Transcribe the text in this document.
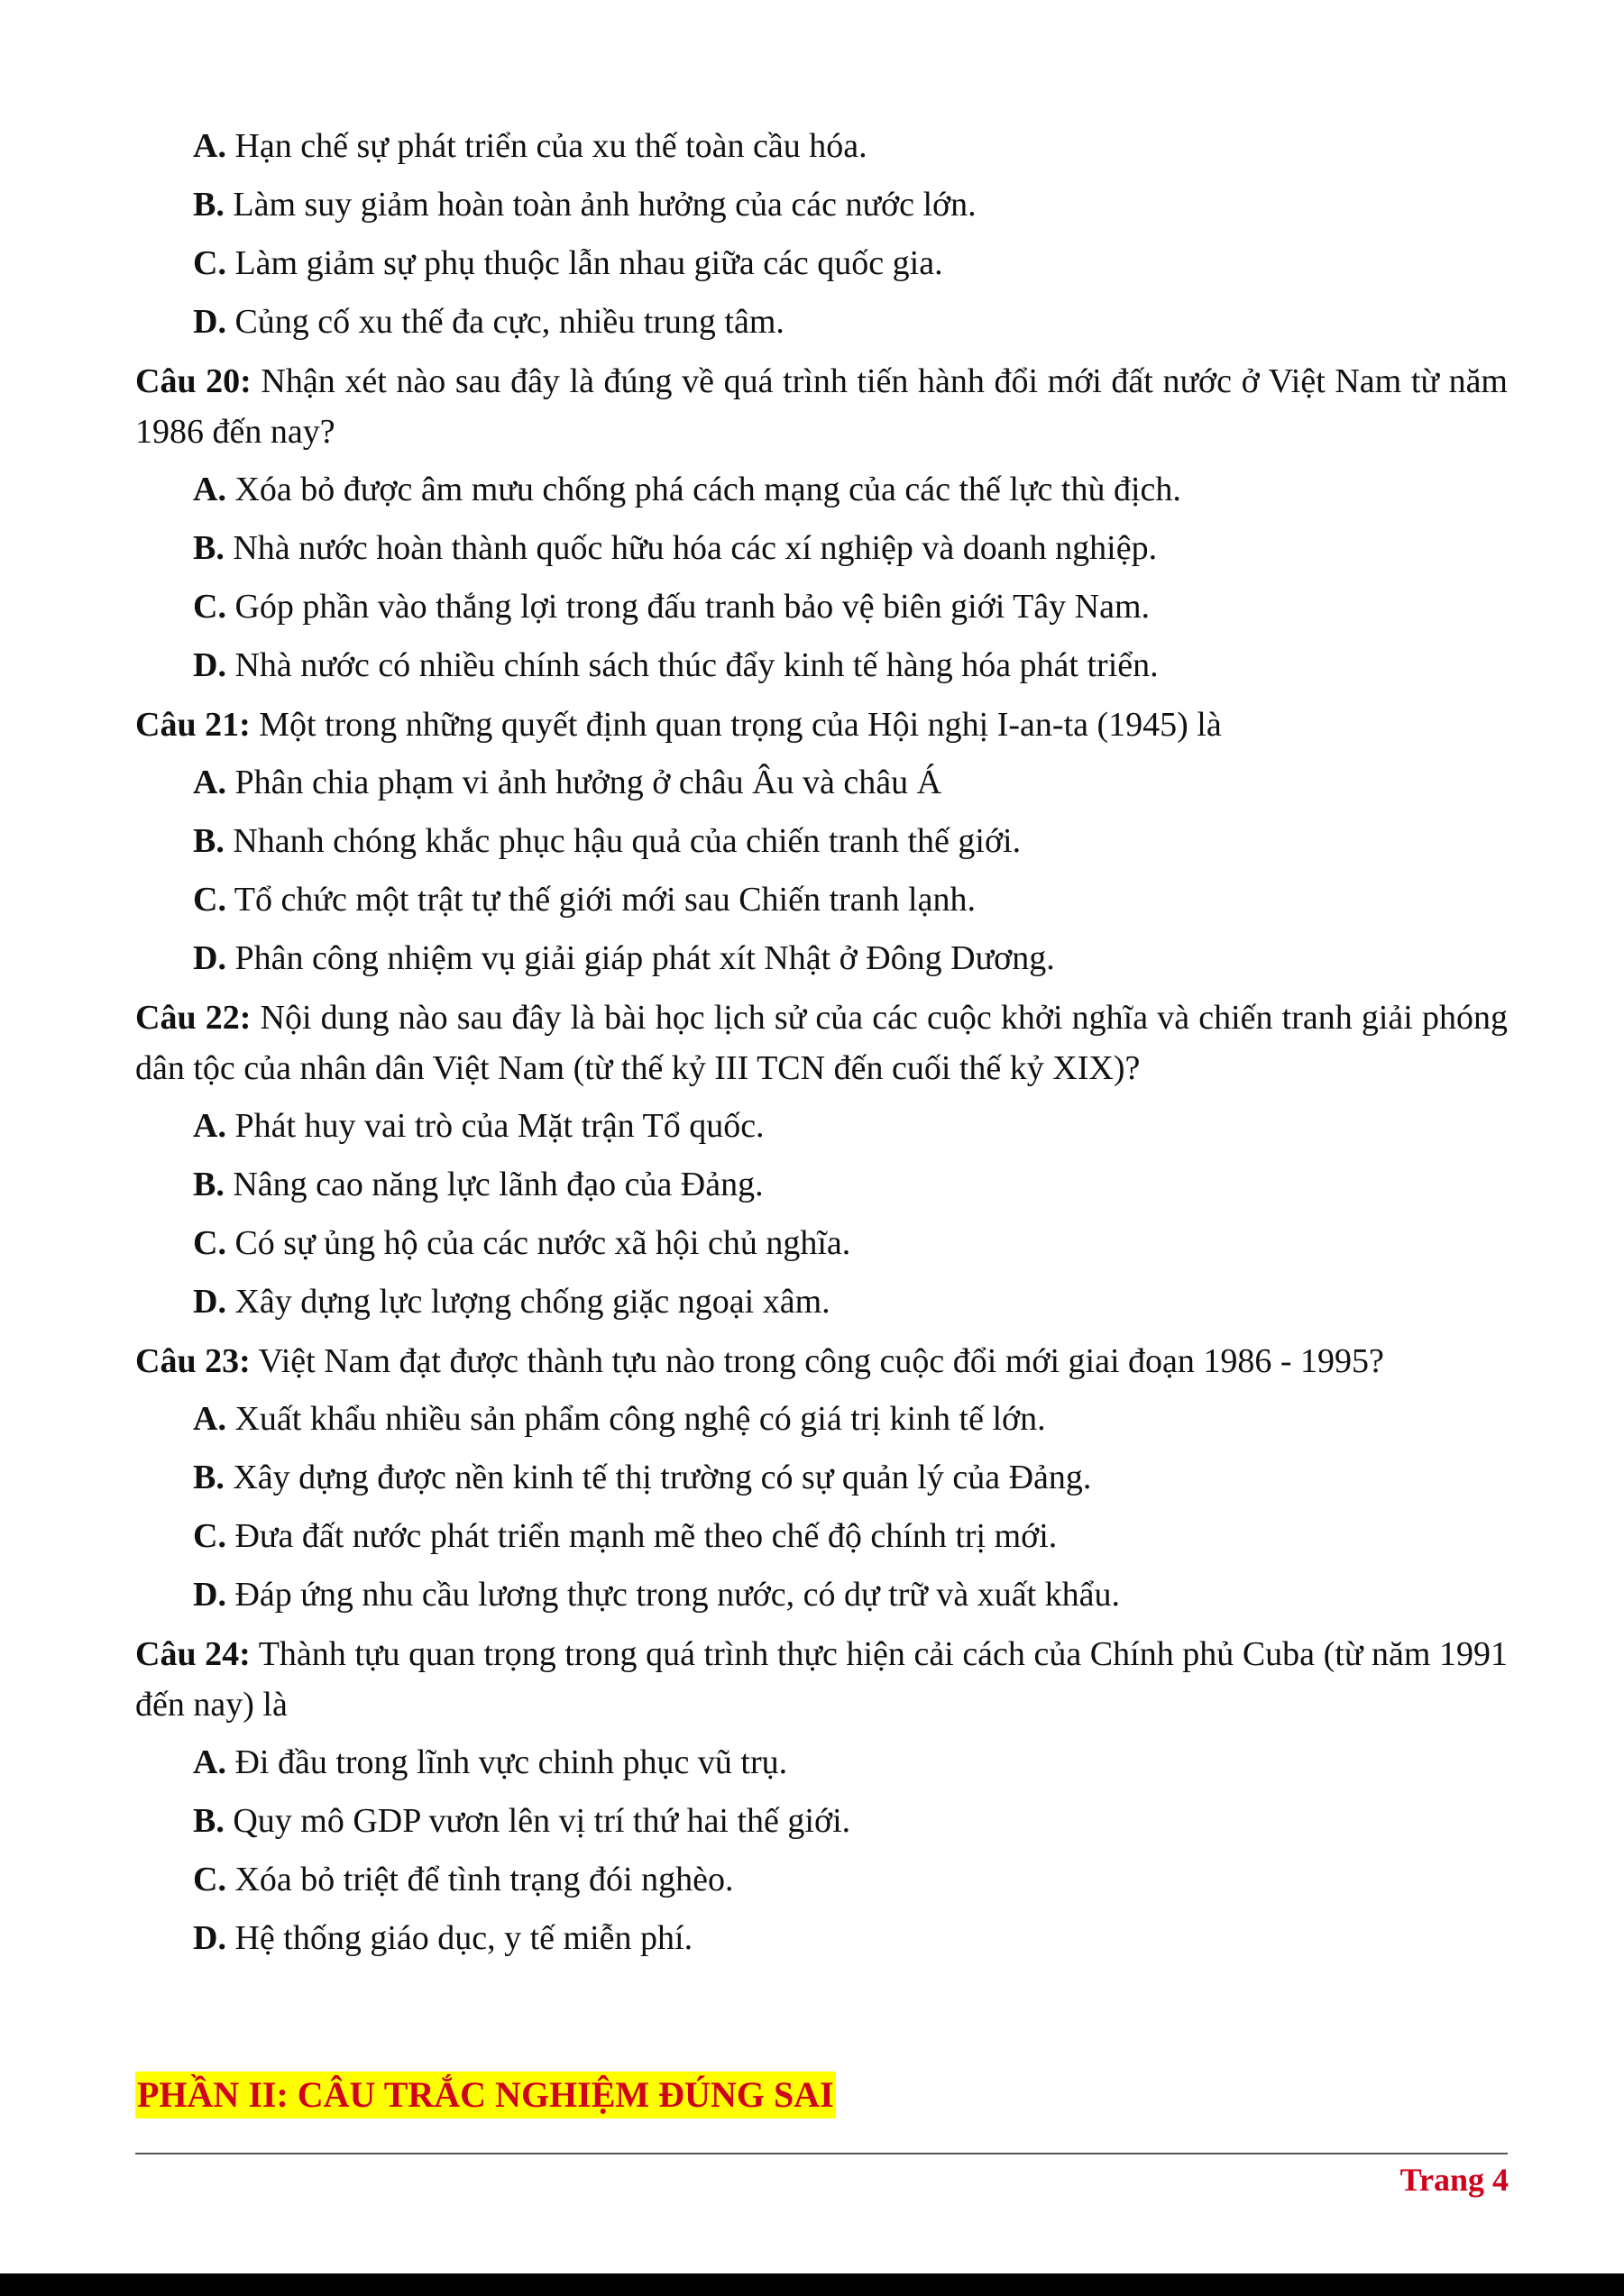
A. Hạn chế sự phát triển của xu thế toàn cầu hóa.
B. Làm suy giảm hoàn toàn ảnh hưởng của các nước lớn.
C. Làm giảm sự phụ thuộc lẫn nhau giữa các quốc gia.
D. Củng cố xu thế đa cực, nhiều trung tâm.
Câu 20: Nhận xét nào sau đây là đúng về quá trình tiến hành đổi mới đất nước ở Việt Nam từ năm 1986 đến nay?
A. Xóa bỏ được âm mưu chống phá cách mạng của các thế lực thù địch.
B. Nhà nước hoàn thành quốc hữu hóa các xí nghiệp và doanh nghiệp.
C. Góp phần vào thắng lợi trong đấu tranh bảo vệ biên giới Tây Nam.
D. Nhà nước có nhiều chính sách thúc đẩy kinh tế hàng hóa phát triển.
Câu 21: Một trong những quyết định quan trọng của Hội nghị I-an-ta (1945) là
A. Phân chia phạm vi ảnh hưởng ở châu Âu và châu Á
B. Nhanh chóng khắc phục hậu quả của chiến tranh thế giới.
C. Tổ chức một trật tự thế giới mới sau Chiến tranh lạnh.
D. Phân công nhiệm vụ giải giáp phát xít Nhật ở Đông Dương.
Câu 22: Nội dung nào sau đây là bài học lịch sử của các cuộc khởi nghĩa và chiến tranh giải phóng dân tộc của nhân dân Việt Nam (từ thế kỷ III TCN đến cuối thế kỷ XIX)?
A. Phát huy vai trò của Mặt trận Tổ quốc.
B. Nâng cao năng lực lãnh đạo của Đảng.
C. Có sự ủng hộ của các nước xã hội chủ nghĩa.
D. Xây dựng lực lượng chống giặc ngoại xâm.
Câu 23: Việt Nam đạt được thành tựu nào trong công cuộc đổi mới giai đoạn 1986 - 1995?
A. Xuất khẩu nhiều sản phẩm công nghệ có giá trị kinh tế lớn.
B. Xây dựng được nền kinh tế thị trường có sự quản lý của Đảng.
C. Đưa đất nước phát triển mạnh mẽ theo chế độ chính trị mới.
D. Đáp ứng nhu cầu lương thực trong nước, có dự trữ và xuất khẩu.
Câu 24: Thành tựu quan trọng trong quá trình thực hiện cải cách của Chính phủ Cuba (từ năm 1991 đến nay) là
A. Đi đầu trong lĩnh vực chinh phục vũ trụ.
B. Quy mô GDP vươn lên vị trí thứ hai thế giới.
C. Xóa bỏ triệt để tình trạng đói nghèo.
D. Hệ thống giáo dục, y tế miễn phí.
PHẦN II: CÂU TRẮC NGHIỆM ĐÚNG SAI
Trang 4
